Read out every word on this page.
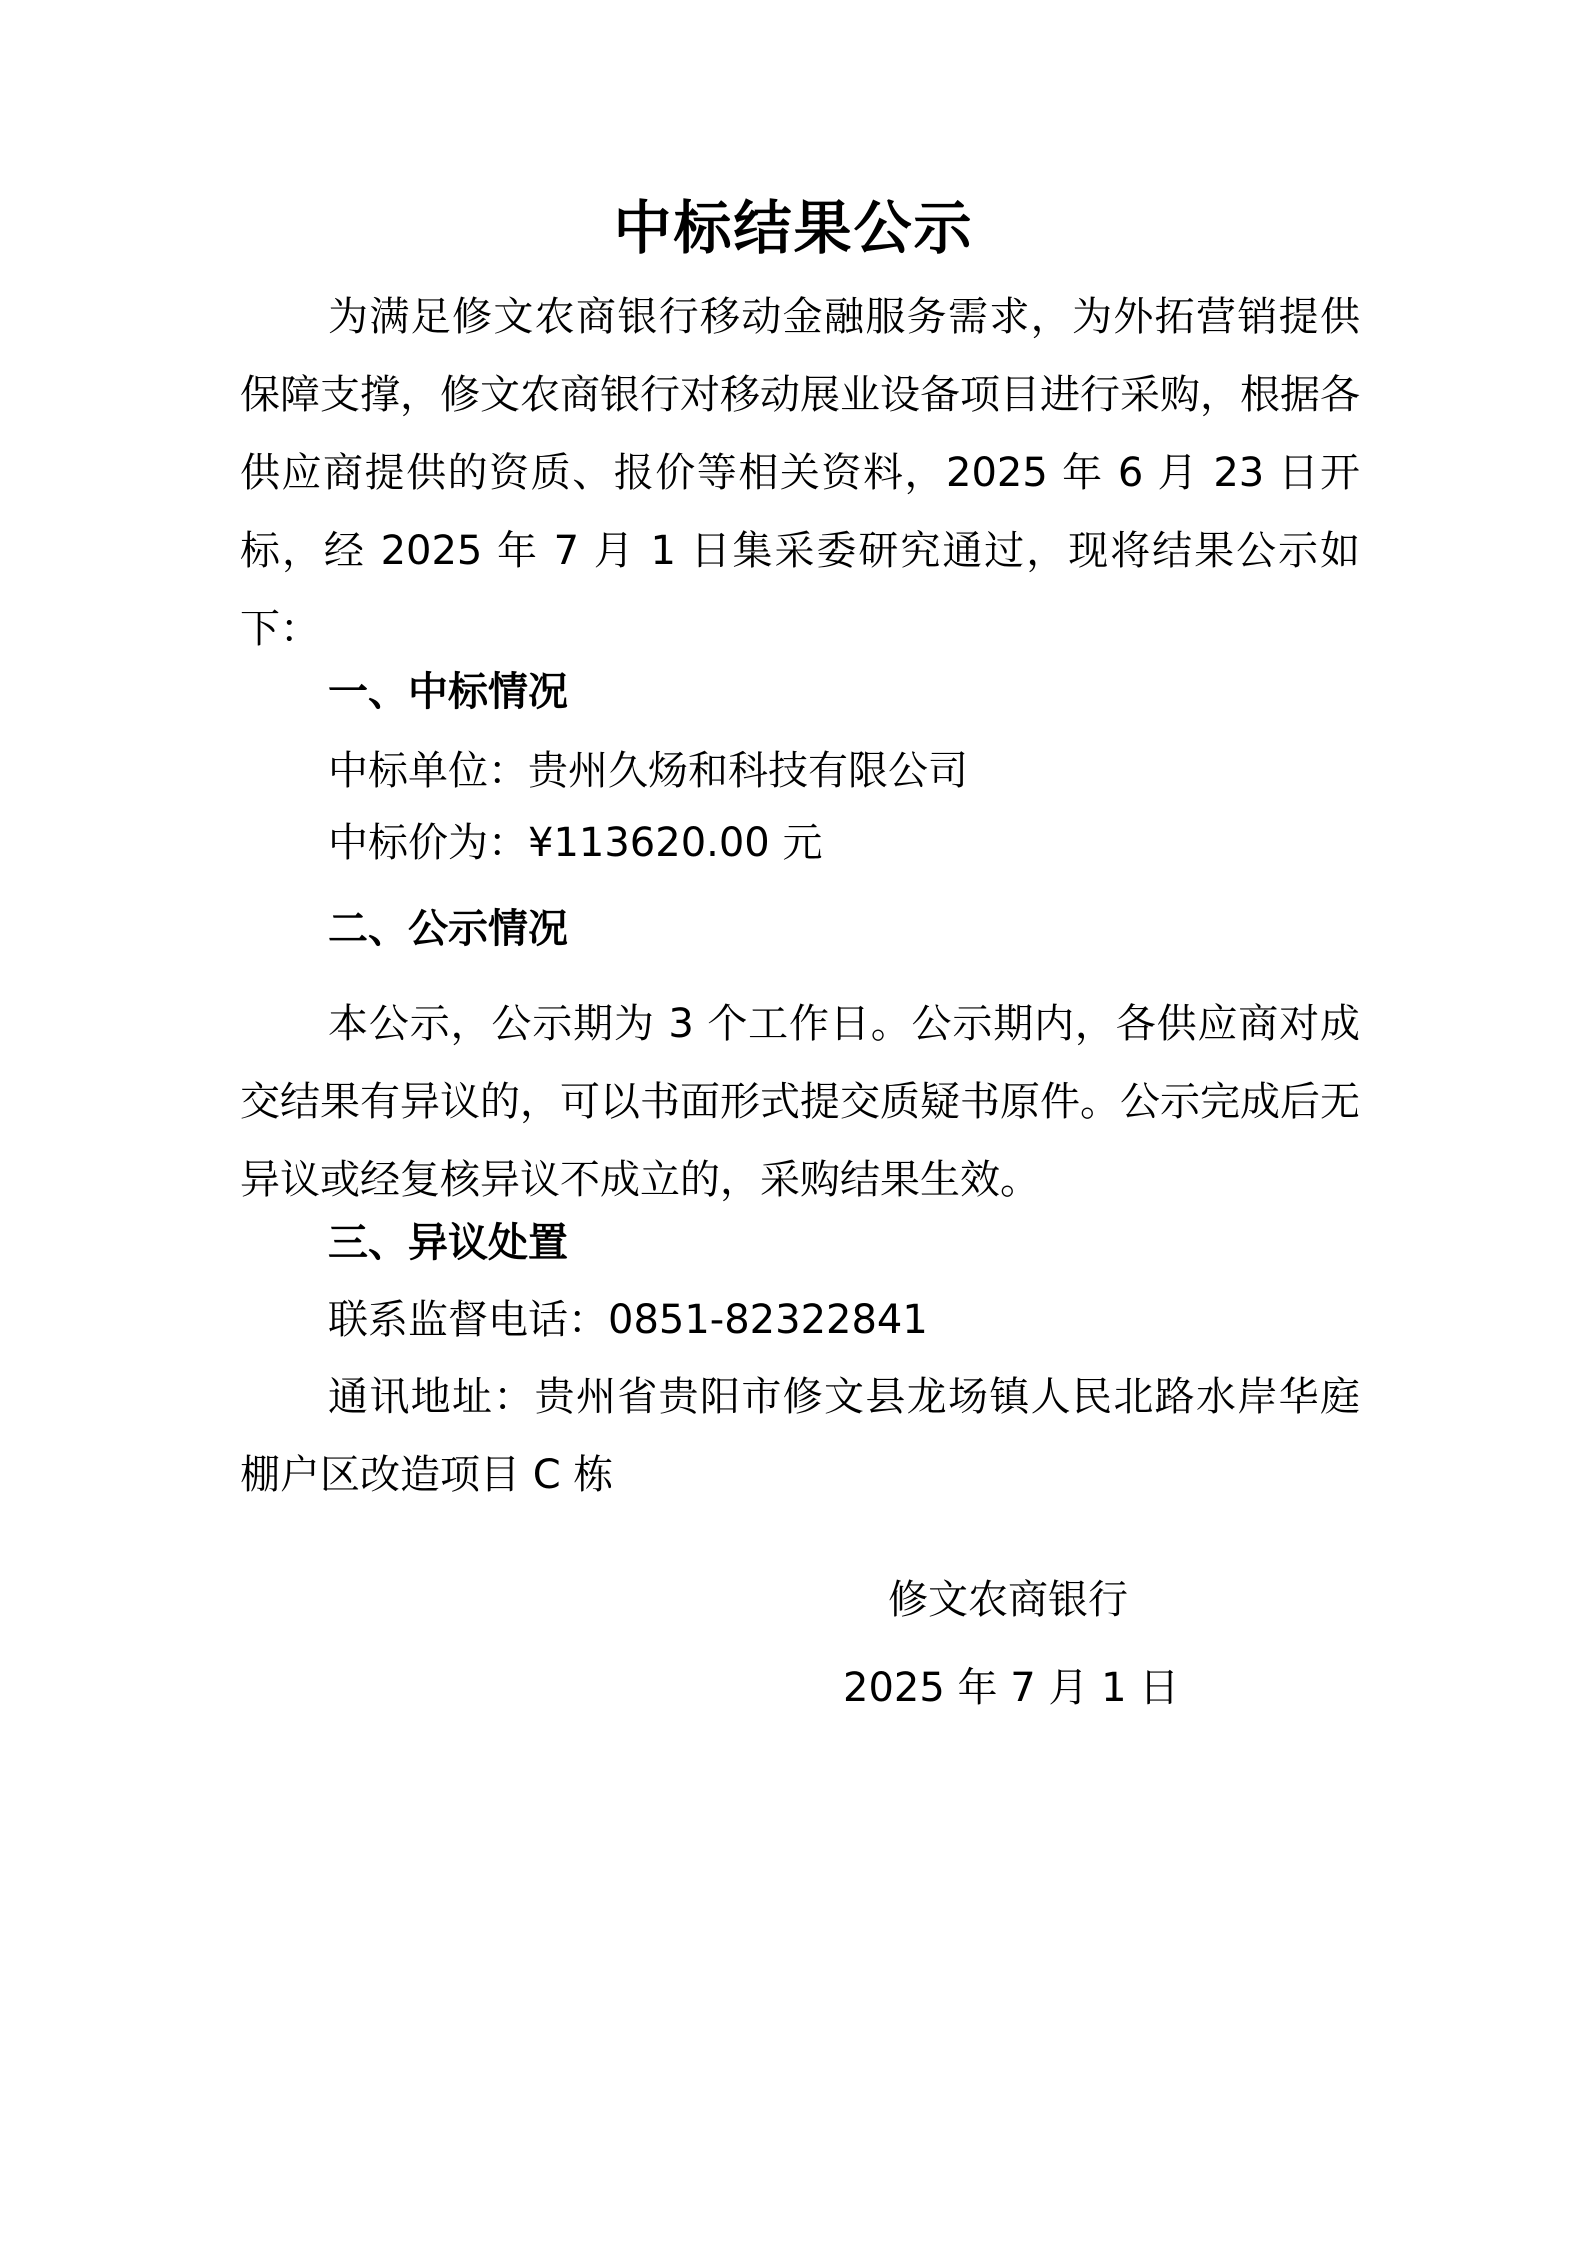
中标结果公示

为满足修文农商银行移动金融服务需求，为外拓营销提供保障支撑，修文农商银行对移动展业设备项目进行采购，根据各供应商提供的资质、报价等相关资料，2025 年 6 月 23 日开标，经 2025 年 7 月 1 日集采委研究通过，现将结果公示如下：

一、中标情况

中标单位：贵州久炀和科技有限公司

中标价为：¥113620.00 元

二、公示情况

本公示，公示期为 3 个工作日。公示期内，各供应商对成交结果有异议的，可以书面形式提交质疑书原件。公示完成后无异议或经复核异议不成立的，采购结果生效。

三、异议处置

联系监督电话：0851-82322841

通讯地址：贵州省贵阳市修文县龙场镇人民北路水岸华庭棚户区改造项目 C 栋

修文农商银行

2025 年 7 月 1 日
